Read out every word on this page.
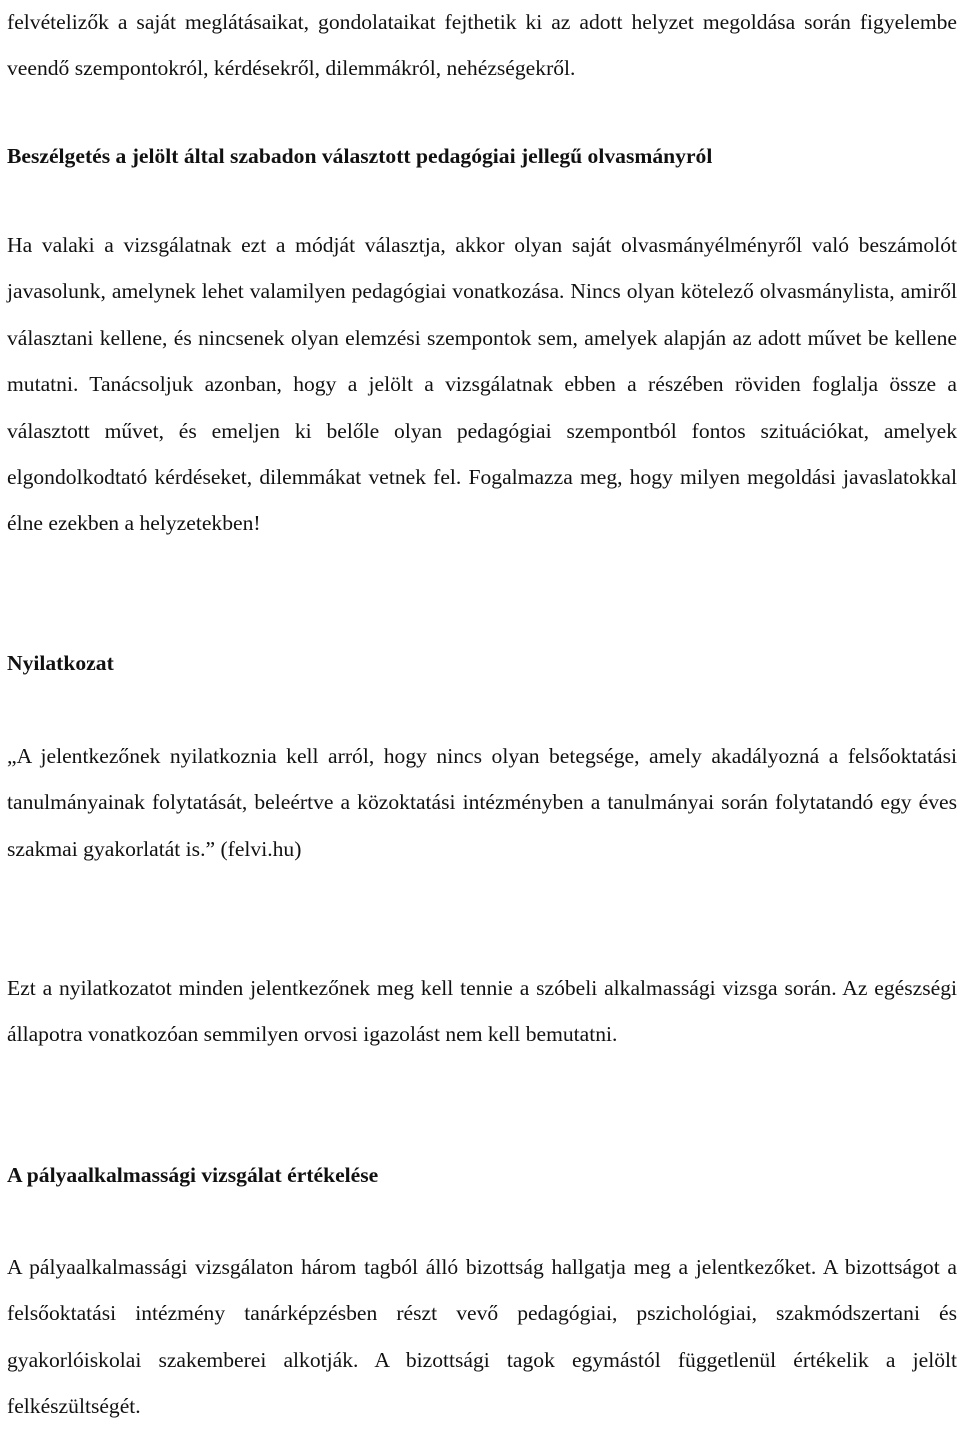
felvételizők a saját meglátásaikat, gondolataikat fejthetik ki az adott helyzet megoldása során figyelembe veendő szempontokról, kérdésekről, dilemmákról, nehézségekről.

Beszélgetés a jelölt által szabadon választott pedagógiai jellegű olvasmányról

Ha valaki a vizsgálatnak ezt a módját választja, akkor olyan saját olvasmányélményről való beszámolót javasolunk, amelynek lehet valamilyen pedagógiai vonatkozása. Nincs olyan kötelező olvasmánylista, amiről választani kellene, és nincsenek olyan elemzési szempontok sem, amelyek alapján az adott művet be kellene mutatni. Tanácsoljuk azonban, hogy a jelölt a vizsgálatnak ebben a részében röviden foglalja össze a választott művet, és emeljen ki belőle olyan pedagógiai szempontból fontos szituációkat, amelyek elgondolkodtató kérdéseket, dilemmákat vetnek fel. Fogalmazza meg, hogy milyen megoldási javaslatokkal élne ezekben a helyzetekben!

Nyilatkozat

„A jelentkezőnek nyilatkoznia kell arról, hogy nincs olyan betegsége, amely akadályozná a felsőoktatási tanulmányainak folytatását, beleértve a közoktatási intézményben a tanulmányai során folytatandó egy éves szakmai gyakorlatát is.” (felvi.hu)

Ezt a nyilatkozatot minden jelentkezőnek meg kell tennie a szóbeli alkalmassági vizsga során. Az egészségi állapotra vonatkozóan semmilyen orvosi igazolást nem kell bemutatni.

A pályaalkalmassági vizsgálat értékelése

A pályaalkalmassági vizsgálaton három tagból álló bizottság hallgatja meg a jelentkezőket. A bizottságot a felsőoktatási intézmény tanárképzésben részt vevő pedagógiai, pszichológiai, szakmódszertani és gyakorlóiskolai szakemberei alkotják. A bizottsági tagok egymástól függetlenül értékelik a jelölt felkészültségét.
